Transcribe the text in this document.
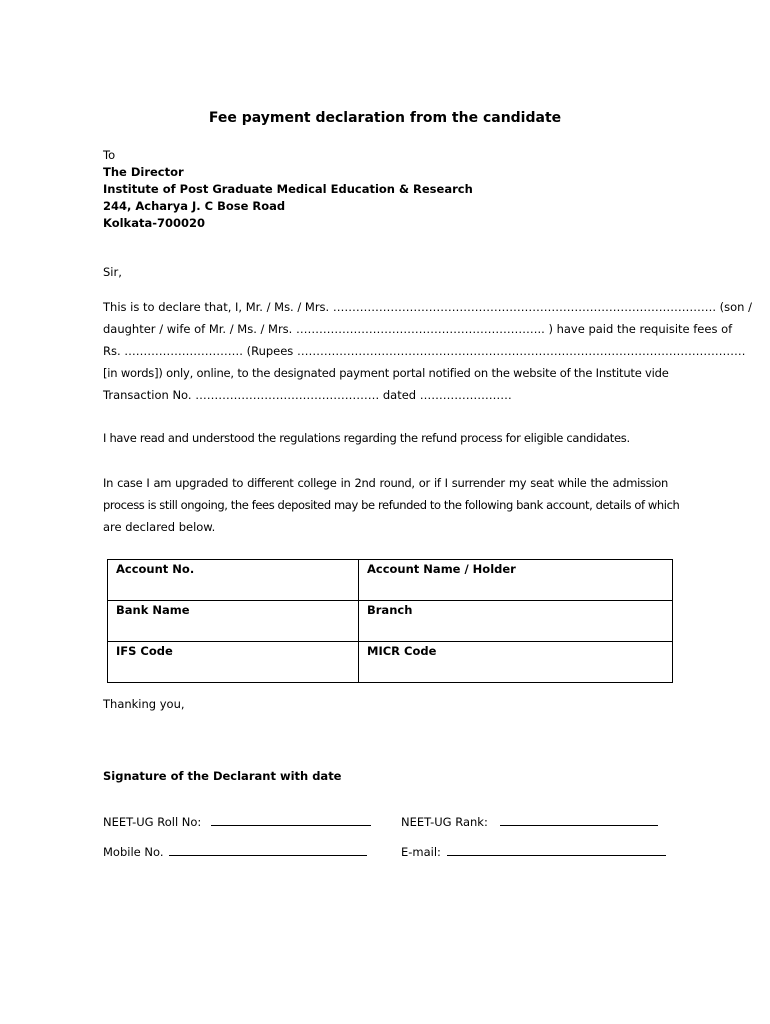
Fee payment declaration from the candidate
To
The Director
Institute of Post Graduate Medical Education & Research
244, Acharya J. C Bose Road
Kolkata-700020
Sir,
This is to declare that, I, Mr. / Ms. / Mrs. ………………………………………………………………………………………. (son /
daughter / wife of Mr. / Ms. / Mrs. ……………………………………………………….. ) have paid the requisite fees of
Rs. …………………………. (Rupees ………………………………………………………………………………………………………
[in words]) only, online, to the designated payment portal notified on the website of the Institute vide
Transaction No. ………………………………………… dated ……………………
I have read and understood the regulations regarding the refund process for eligible candidates.
In case I am upgraded to different college in 2nd round, or if I surrender my seat while the admission
process is still ongoing, the fees deposited may be refunded to the following bank account, details of which
are declared below.
Account No.	Account Name / Holder
Bank Name	Branch
IFS Code	MICR Code
Thanking you,
Signature of the Declarant with date
NEET-UG Roll No:	NEET-UG Rank:
Mobile No.	E-mail:
